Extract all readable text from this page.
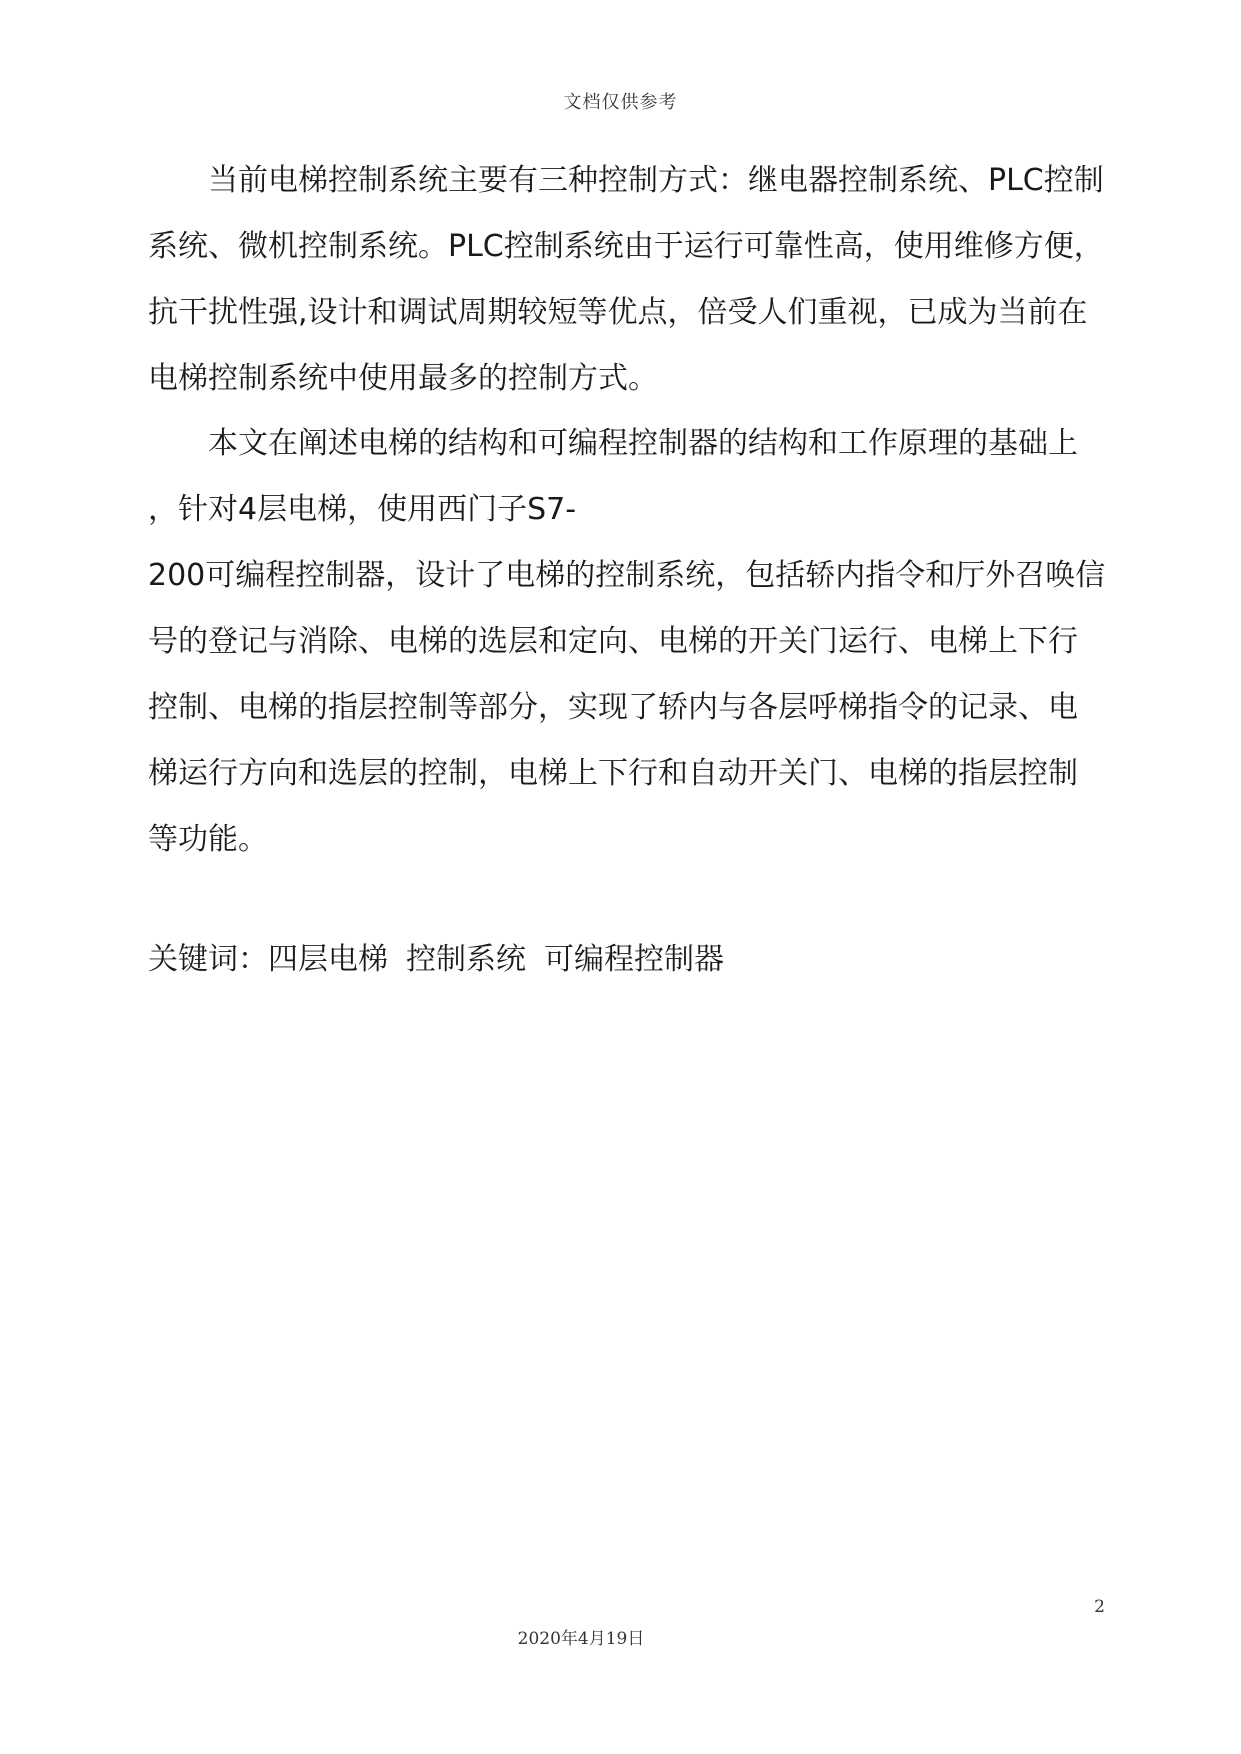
文档仅供参考
当前电梯控制系统主要有三种控制方式：继电器控制系统、PLC控制
系统、微机控制系统。PLC控制系统由于运行可靠性高，使用维修方便，
抗干扰性强,设计和调试周期较短等优点，倍受人们重视，已成为当前在
电梯控制系统中使用最多的控制方式。
本文在阐述电梯的结构和可编程控制器的结构和工作原理的基础上
，针对4层电梯，使用西门子S7-
200可编程控制器，设计了电梯的控制系统，包括轿内指令和厅外召唤信
号的登记与消除、电梯的选层和定向、电梯的开关门运行、电梯上下行
控制、电梯的指层控制等部分，实现了轿内与各层呼梯指令的记录、电
梯运行方向和选层的控制，电梯上下行和自动开关门、电梯的指层控制
等功能。
关键词：四层电梯 控制系统 可编程控制器
2
2020年4月19日
